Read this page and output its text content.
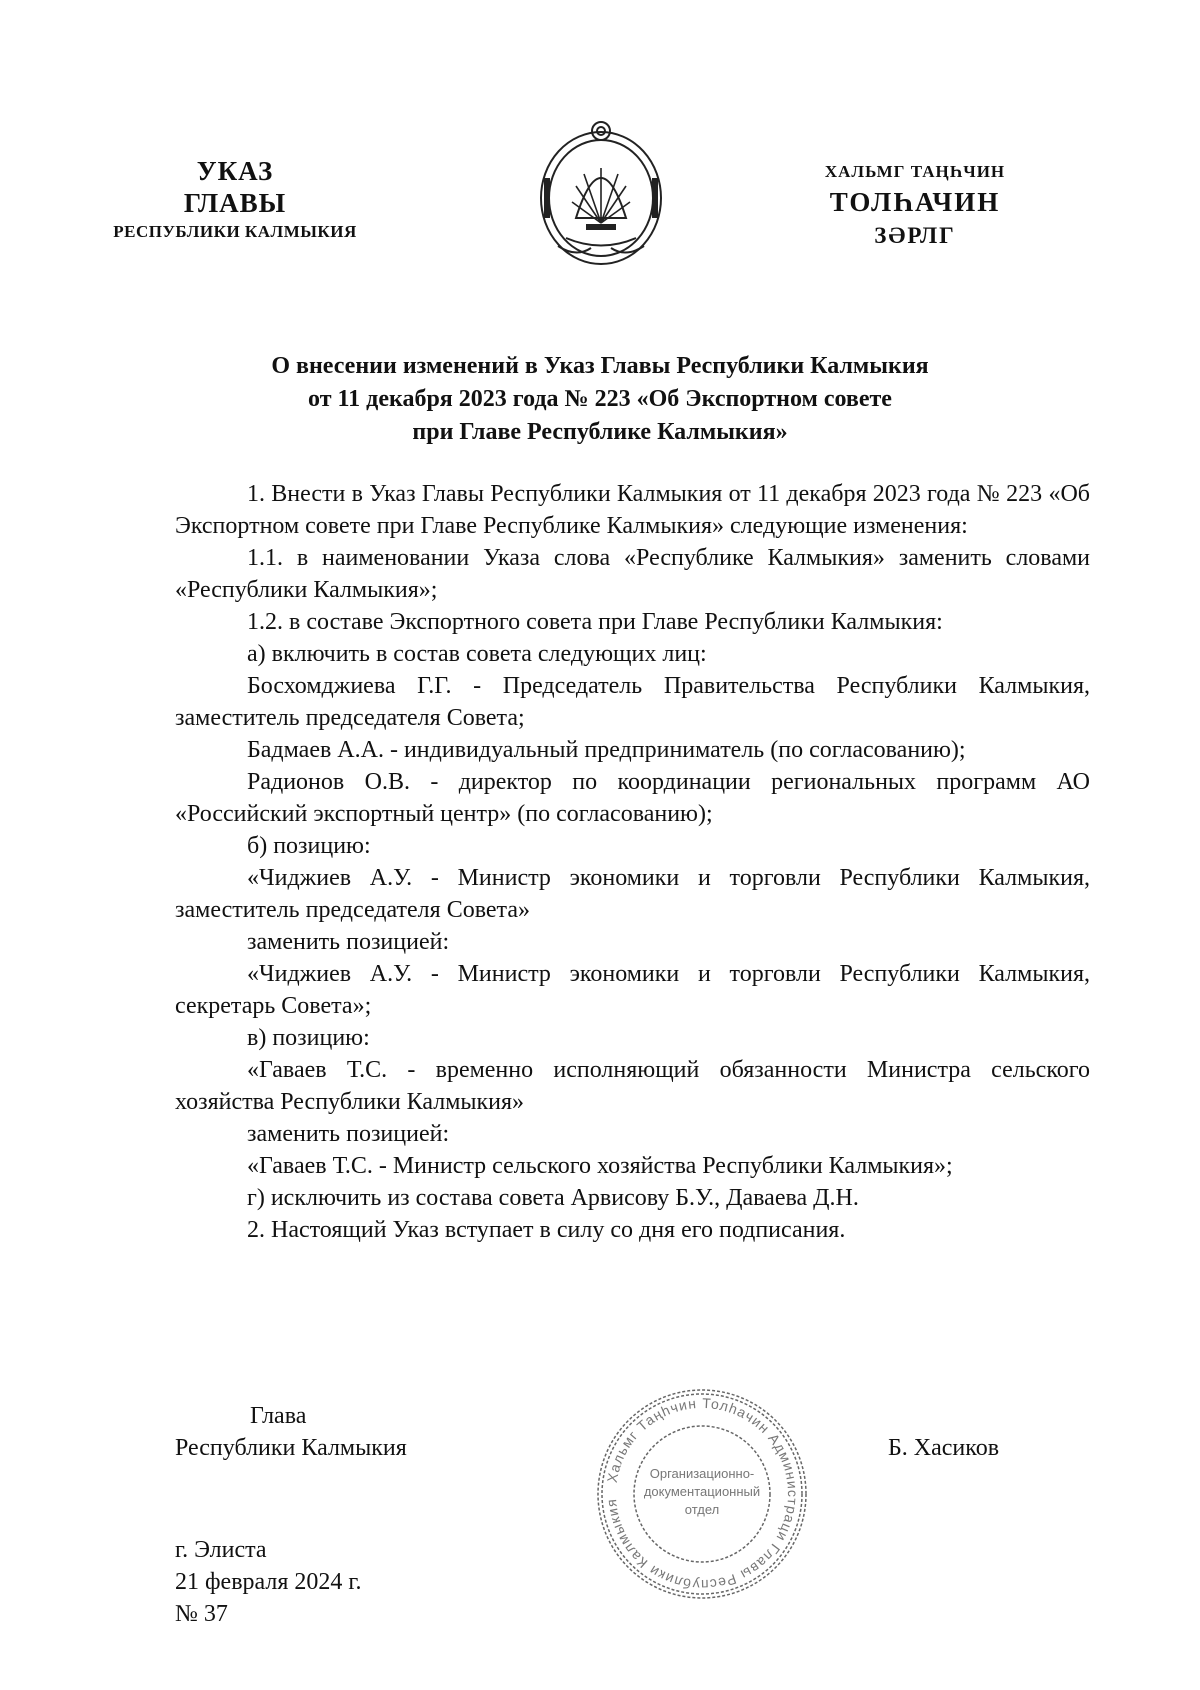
УКАЗ
ГЛАВЫ
РЕСПУБЛИКИ КАЛМЫКИЯ
ХАЛЬМГ ТАҢҺЧИН
ТОЛҺАЧИН
ЗӘРЛГ
О внесении изменений в Указ Главы Республики Калмыкия
от 11 декабря 2023 года № 223 «Об Экспортном совете
при Главе Республике Калмыкия»

1. Внести в Указ Главы Республики Калмыкия от 11 декабря 2023 года № 223 «Об Экспортном совете при Главе Республике Калмыкия» следующие изменения:

1.1. в наименовании Указа слова «Республике Калмыкия» заменить словами «Республики Калмыкия»;

1.2. в составе Экспортного совета при Главе Республики Калмыкия:

а) включить в состав совета следующих лиц:

Босхомджиева Г.Г. - Председатель Правительства Республики Калмыкия, заместитель председателя Совета;

Бадмаев А.А. - индивидуальный предприниматель (по согласованию);

Радионов О.В. - директор по координации региональных программ АО «Российский экспортный центр» (по согласованию);

б) позицию:

«Чиджиев А.У. - Министр экономики и торговли Республики Калмыкия, заместитель председателя Совета»

заменить позицией:

«Чиджиев А.У. - Министр экономики и торговли Республики Калмыкия, секретарь Совета»;

в) позицию:

«Гаваев Т.С. - временно исполняющий обязанности Министра сельского хозяйства Республики Калмыкия»

заменить позицией:

«Гаваев Т.С. - Министр сельского хозяйства Республики Калмыкия»;

г) исключить из состава совета Арвисову Б.У., Даваева Д.Н.

2. Настоящий Указ вступает в силу со дня его подписания.

Глава
Республики Калмыкия	Б. Хасиков
Хальмг Таңһчин Толһачин Администраци Главы Республики Калмыкия
Организационно-документационный отдел
г. Элиста
21 февраля 2024 г.
№ 37
